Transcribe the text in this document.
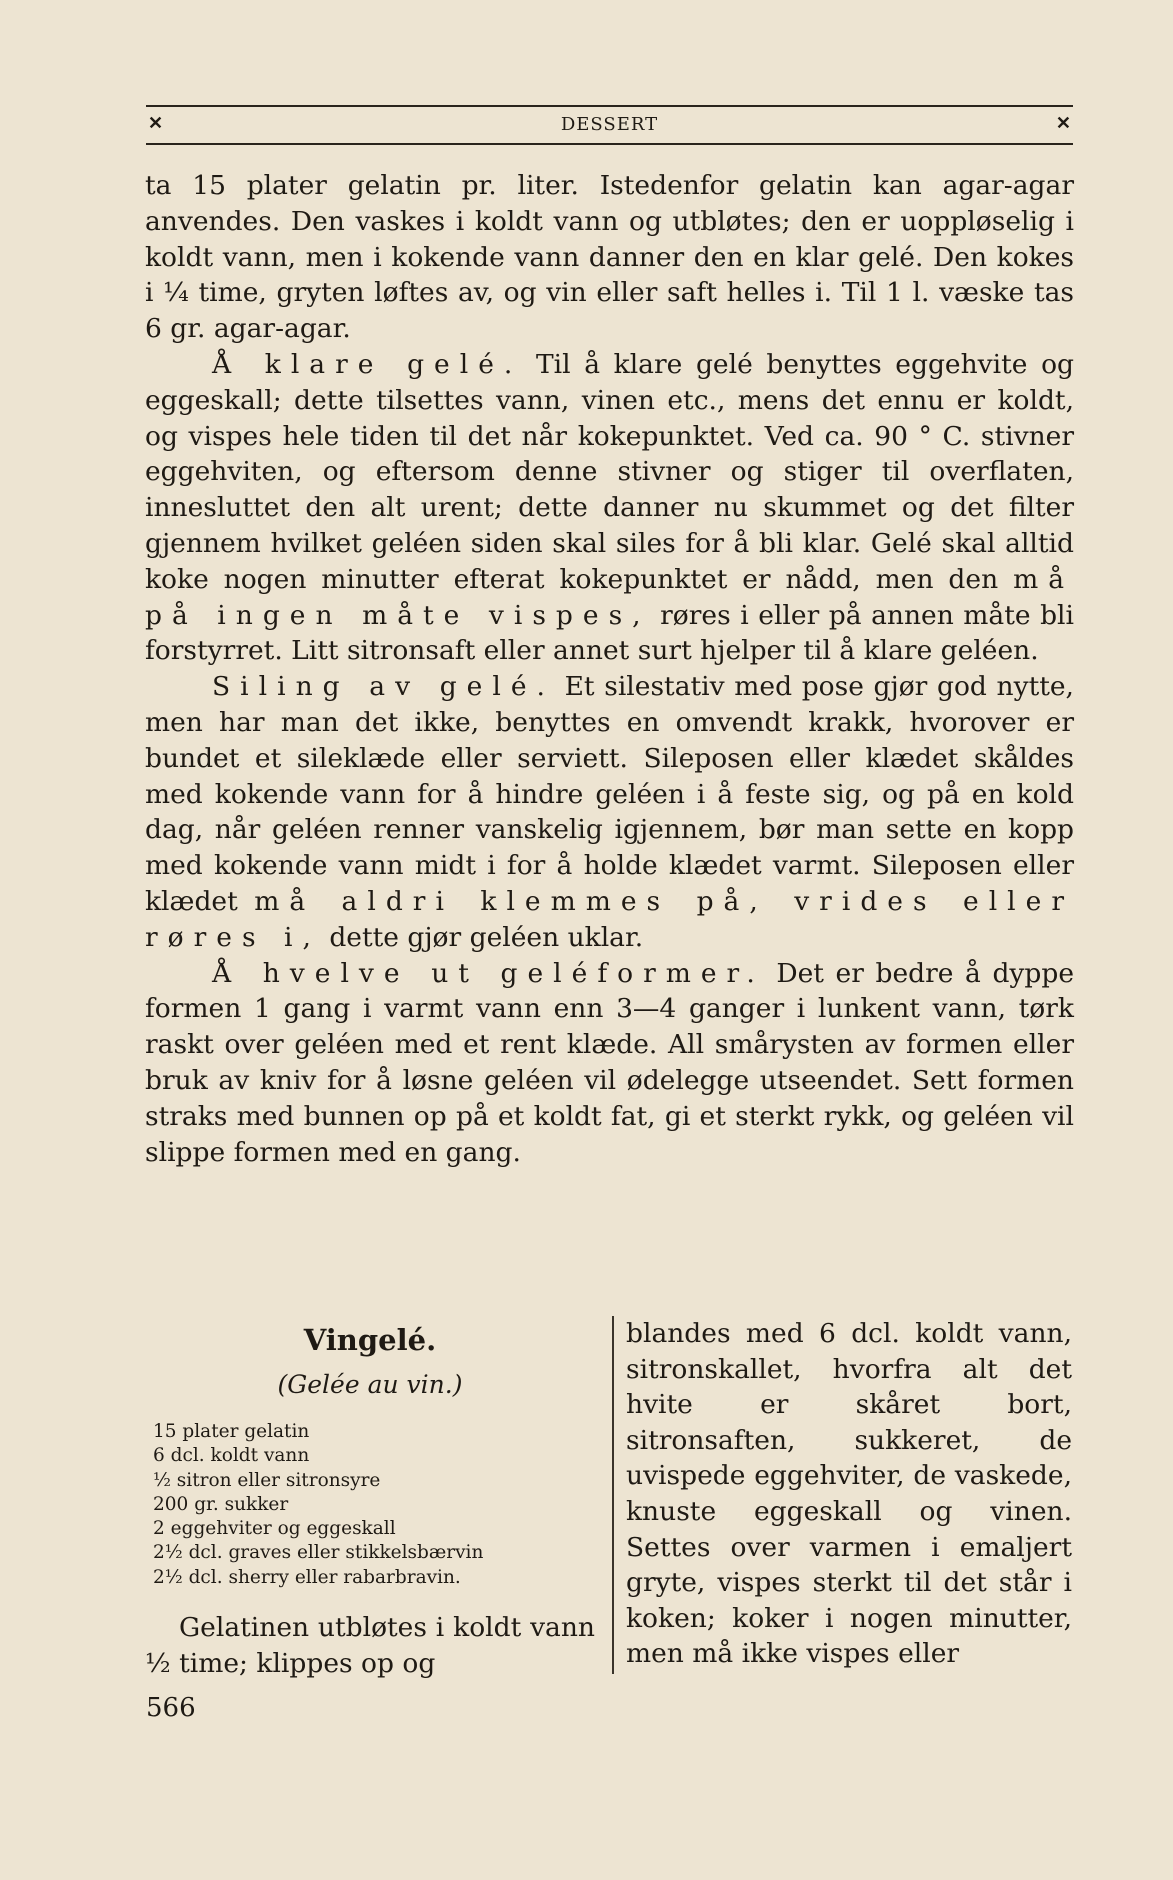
✕	DESSERT	✕

ta 15 plater gelatin pr. liter. Istedenfor gelatin kan agar-agar anvendes. Den vaskes i koldt vann og utbløtes; den er uoppløselig i koldt vann, men i kokende vann danner den en klar gelé. Den kokes i ¼ time, gryten løftes av, og vin eller saft helles i. Til 1 l. væske tas 6 gr. agar-agar.

Å klare gelé. Til å klare gelé benyttes eggehvite og eggeskall; dette tilsettes vann, vinen etc., mens det ennu er koldt, og vispes hele tiden til det når kokepunktet. Ved ca. 90 ° C. stivner eggehviten, og eftersom denne stivner og stiger til overflaten, innesluttet den alt urent; dette danner nu skummet og det filter gjennem hvilket geléen siden skal siles for å bli klar. Gelé skal alltid koke nogen minutter efterat kokepunktet er nådd, men den må på ingen måte vispes, røres i eller på annen måte bli forstyrret. Litt sitronsaft eller annet surt hjelper til å klare geléen.

Siling av gelé. Et silestativ med pose gjør god nytte, men har man det ikke, benyttes en omvendt krakk, hvorover er bundet et sileklæde eller serviett. Sileposen eller klædet skåldes med kokende vann for å hindre geléen i å feste sig, og på en kold dag, når geléen renner vanskelig igjennem, bør man sette en kopp med kokende vann midt i for å holde klædet varmt. Sileposen eller klædet må aldri klemmes på, vrides eller røres i, dette gjør geléen uklar.

Å hvelve ut geléformer. Det er bedre å dyppe formen 1 gang i varmt vann enn 3—4 ganger i lunkent vann, tørk raskt over geléen med et rent klæde. All smårysten av formen eller bruk av kniv for å løsne geléen vil ødelegge utseendet. Sett formen straks med bunnen op på et koldt fat, gi et sterkt rykk, og geléen vil slippe formen med en gang.

Vingelé.
(Gelée au vin.)
15 plater gelatin
6 dcl. koldt vann
½ sitron eller sitronsyre
200 gr. sukker
2 eggehviter og eggeskall
2½ dcl. graves eller stikkelsbærvin
2½ dcl. sherry eller rabarbravin.

Gelatinen utbløtes i koldt vann ½ time; klippes op og

blandes med 6 dcl. koldt vann, sitronskallet, hvorfra alt det hvite er skåret bort, sitronsaften, sukkeret, de uvispede eggehviter, de vaskede, knuste eggeskall og vinen. Settes over varmen i emaljert gryte, vispes sterkt til det står i koken; koker i nogen minutter, men må ikke vispes eller

566
